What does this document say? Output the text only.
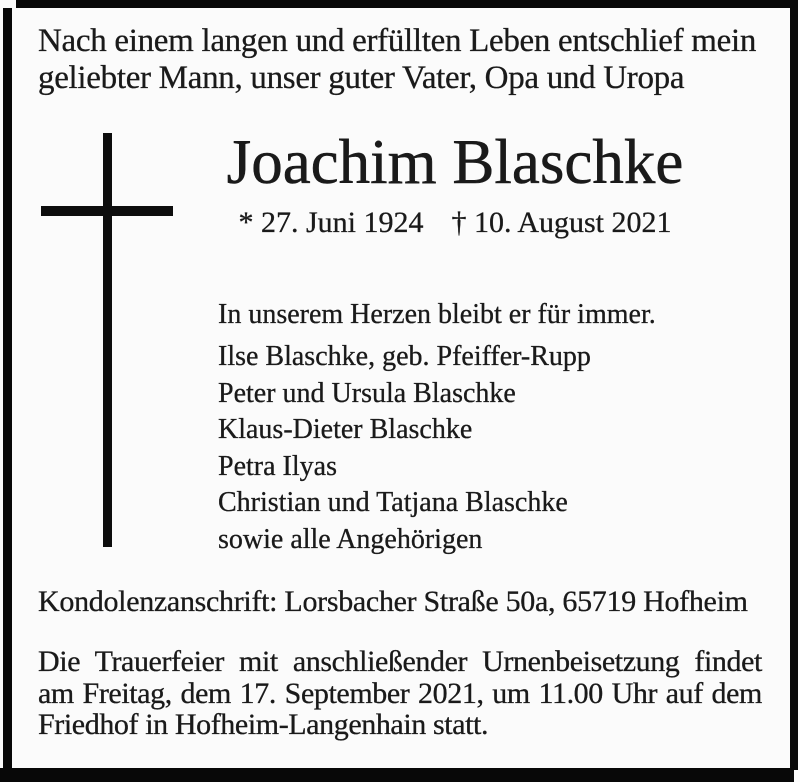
Nach einem langen und erfüllten Leben entschlief mein
geliebter Mann, unser guter Vater, Opa und Uropa
Joachim Blaschke
* 27. Juni 1924 † 10. August 2021
In unserem Herzen bleibt er für immer.
Ilse Blaschke, geb. Pfeiffer-Rupp
Peter und Ursula Blaschke
Klaus-Dieter Blaschke
Petra Ilyas
Christian und Tatjana Blaschke
sowie alle Angehörigen
Kondolenzanschrift: Lorsbacher Straße 50a, 65719 Hofheim
Die Trauerfeier mit anschließender Urnenbeisetzung findet
am Freitag, dem 17. September 2021, um 11.00 Uhr auf dem
Friedhof in Hofheim-Langenhain statt.
